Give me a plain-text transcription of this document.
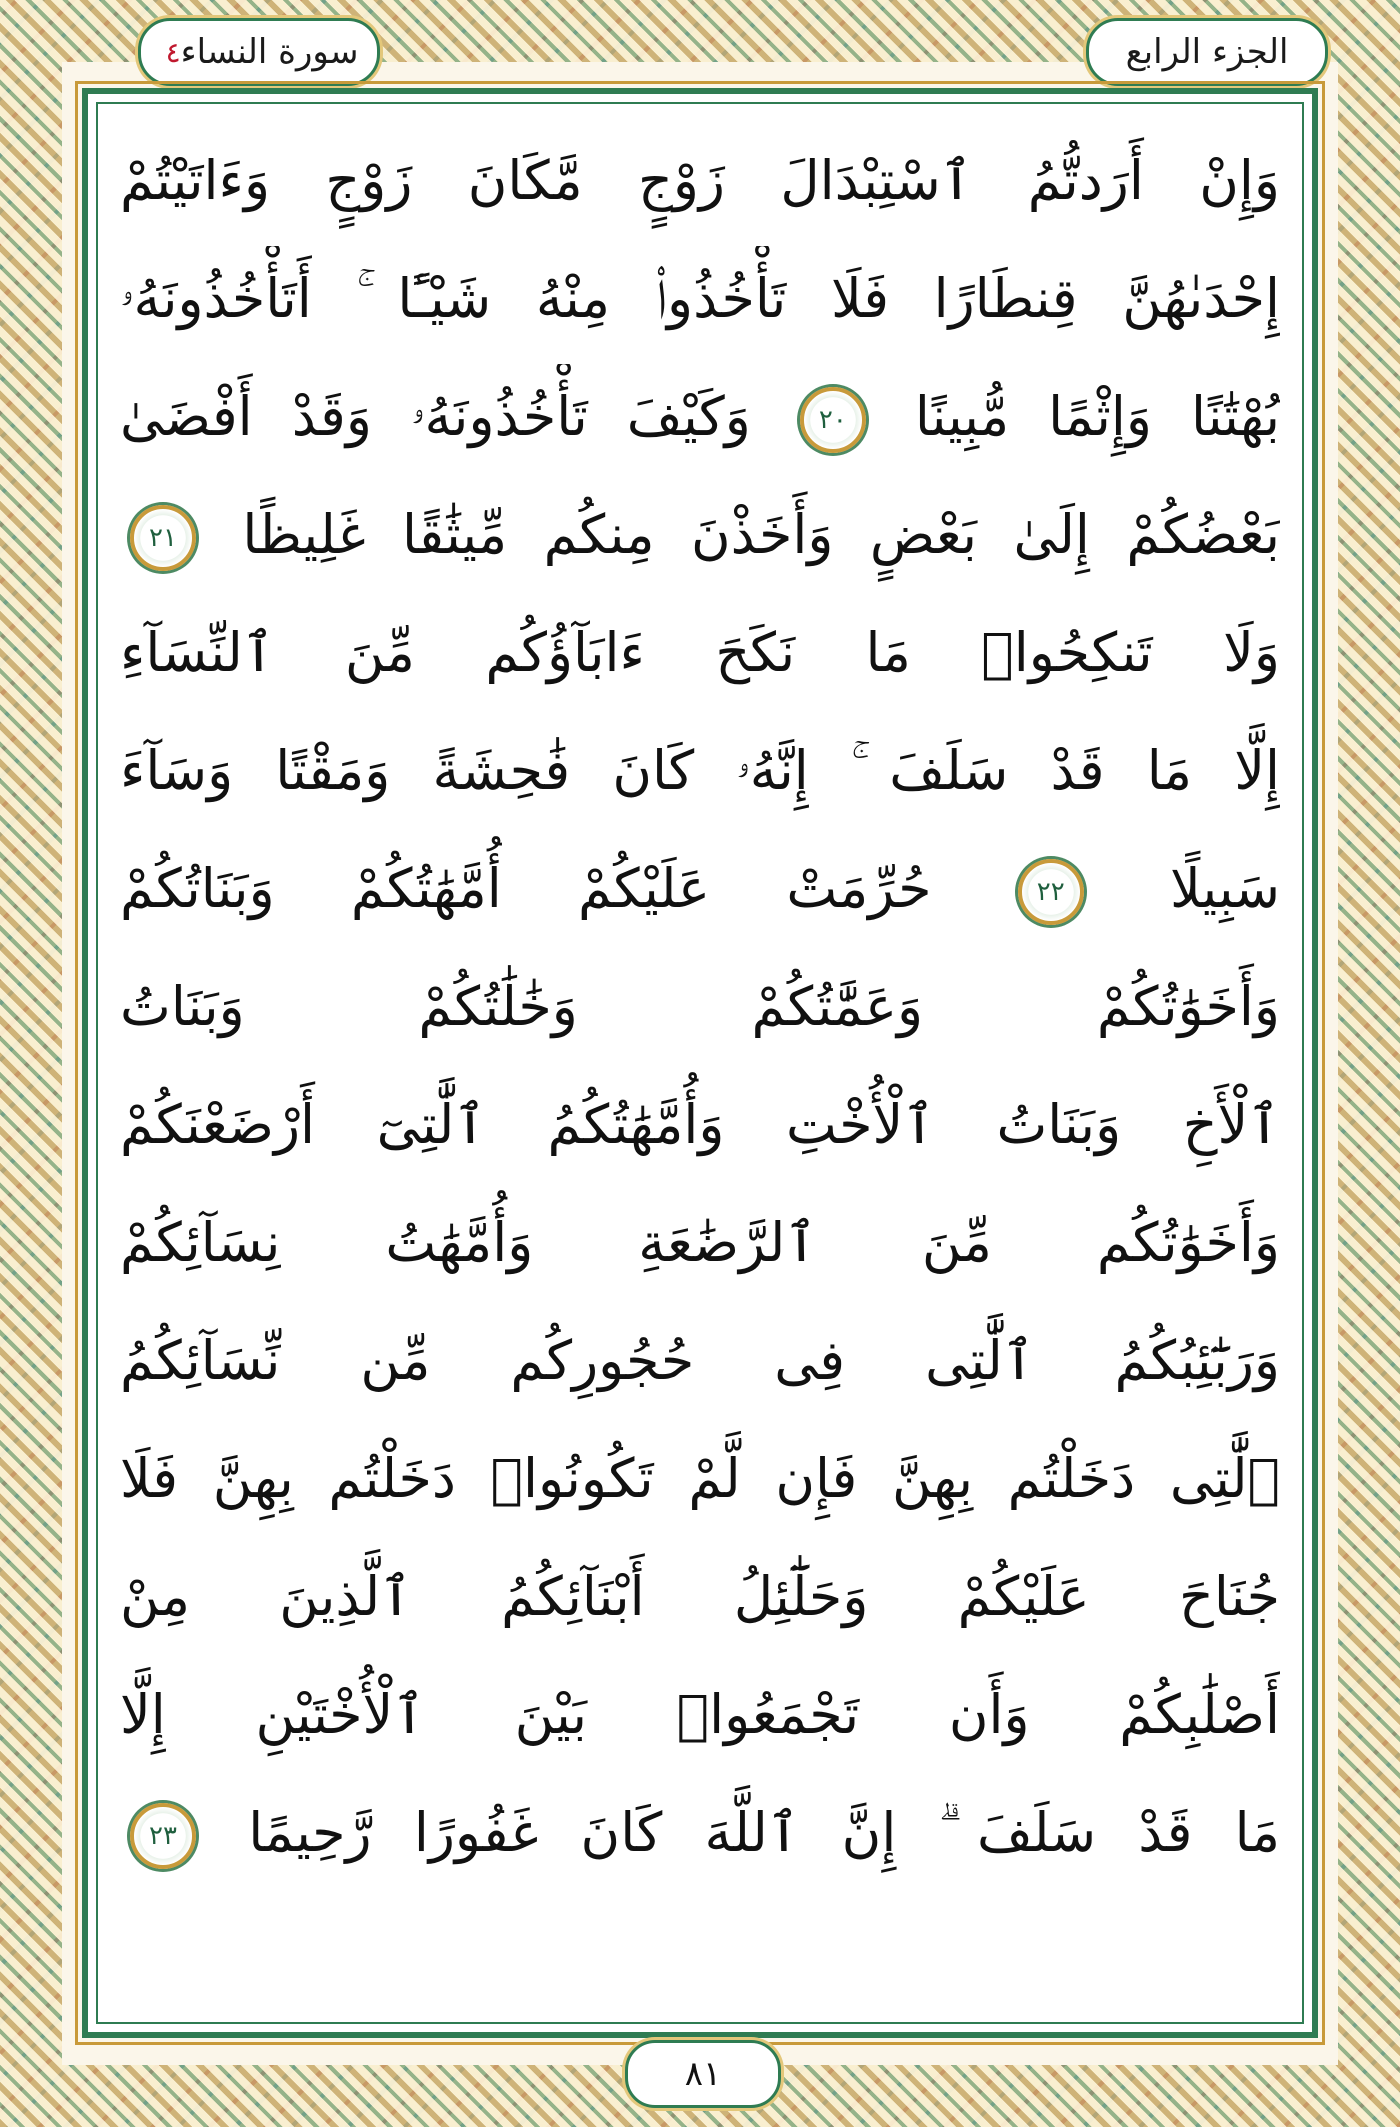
الجزء الرابع
سورة النساء
٤
وَإِنْ أَرَدتُّمُ ٱسْتِبْدَالَ زَوْجٍ مَّكَانَ زَوْجٍ وَءَاتَيْتُمْ
إِحْدَىٰهُنَّ قِنطَارًا فَلَا تَأْخُذُوا۟ مِنْهُ شَيْـًٔا ۚ أَتَأْخُذُونَهُۥ
بُهْتَٰنًا وَإِثْمًا مُّبِينًا ٢٠ وَكَيْفَ تَأْخُذُونَهُۥ وَقَدْ أَفْضَىٰ
بَعْضُكُمْ إِلَىٰ بَعْضٍ وَأَخَذْنَ مِنكُم مِّيثَٰقًا غَلِيظًا ٢١
وَلَا تَنكِحُوا۟ مَا نَكَحَ ءَابَآؤُكُم مِّنَ ٱلنِّسَآءِ
إِلَّا مَا قَدْ سَلَفَ ۚ إِنَّهُۥ كَانَ فَٰحِشَةً وَمَقْتًا وَسَآءَ
سَبِيلًا ٢٢ حُرِّمَتْ عَلَيْكُمْ أُمَّهَٰتُكُمْ وَبَنَاتُكُمْ
وَأَخَوَٰتُكُمْ وَعَمَّٰتُكُمْ وَخَٰلَٰتُكُمْ وَبَنَاتُ
ٱلْأَخِ وَبَنَاتُ ٱلْأُخْتِ وَأُمَّهَٰتُكُمُ ٱلَّٰتِىٓ أَرْضَعْنَكُمْ
وَأَخَوَٰتُكُم مِّنَ ٱلرَّضَٰعَةِ وَأُمَّهَٰتُ نِسَآئِكُمْ
وَرَبَٰٓئِبُكُمُ ٱلَّٰتِى فِى حُجُورِكُم مِّن نِّسَآئِكُمُ
ٱلَّٰتِى دَخَلْتُم بِهِنَّ فَإِن لَّمْ تَكُونُوا۟ دَخَلْتُم بِهِنَّ فَلَا
جُنَاحَ عَلَيْكُمْ وَحَلَٰٓئِلُ أَبْنَآئِكُمُ ٱلَّذِينَ مِنْ
أَصْلَٰبِكُمْ وَأَن تَجْمَعُوا۟ بَيْنَ ٱلْأُخْتَيْنِ إِلَّا
مَا قَدْ سَلَفَ ۗ إِنَّ ٱللَّهَ كَانَ غَفُورًا رَّحِيمًا ٢٣
٨١
